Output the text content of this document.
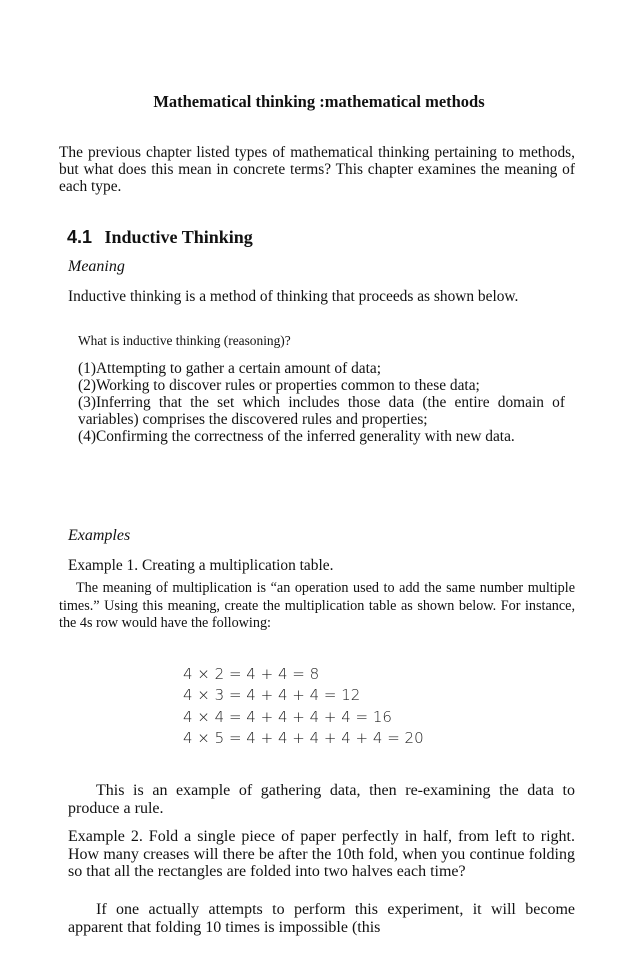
Mathematical thinking :mathematical methods

The previous chapter listed types of mathematical thinking pertaining to methods, but what does this mean in concrete terms? This chapter examines the meaning of each type.

4.1 Inductive Thinking
Meaning

Inductive thinking is a method of thinking that proceeds as shown below.

What is inductive thinking (reasoning)?
(1)Attempting to gather a certain amount of data;
(2)Working to discover rules or properties common to these data;
(3)Inferring that the set which includes those data (the entire domain of variables) comprises the discovered rules and properties;
(4)Confirming the correctness of the inferred generality with new data.
Examples
Example 1. Creating a multiplication table.

The meaning of multiplication is “an operation used to add the same number multiple times.” Using this meaning, create the multiplication table as shown below. For instance, the 4s row would have the following:

4 × 2 = 4 + 4 = 8
4 × 3 = 4 + 4 + 4 = 12
4 × 4 = 4 + 4 + 4 + 4 = 16
4 × 5 = 4 + 4 + 4 + 4 + 4 = 20

This is an example of gathering data, then re-examining the data to produce a rule.

Example 2. Fold a single piece of paper perfectly in half, from left to right. How many creases will there be after the 10th fold, when you continue folding so that all the rectangles are folded into two halves each time?

If one actually attempts to perform this experiment, it will become apparent that folding 10 times is impossible (this
